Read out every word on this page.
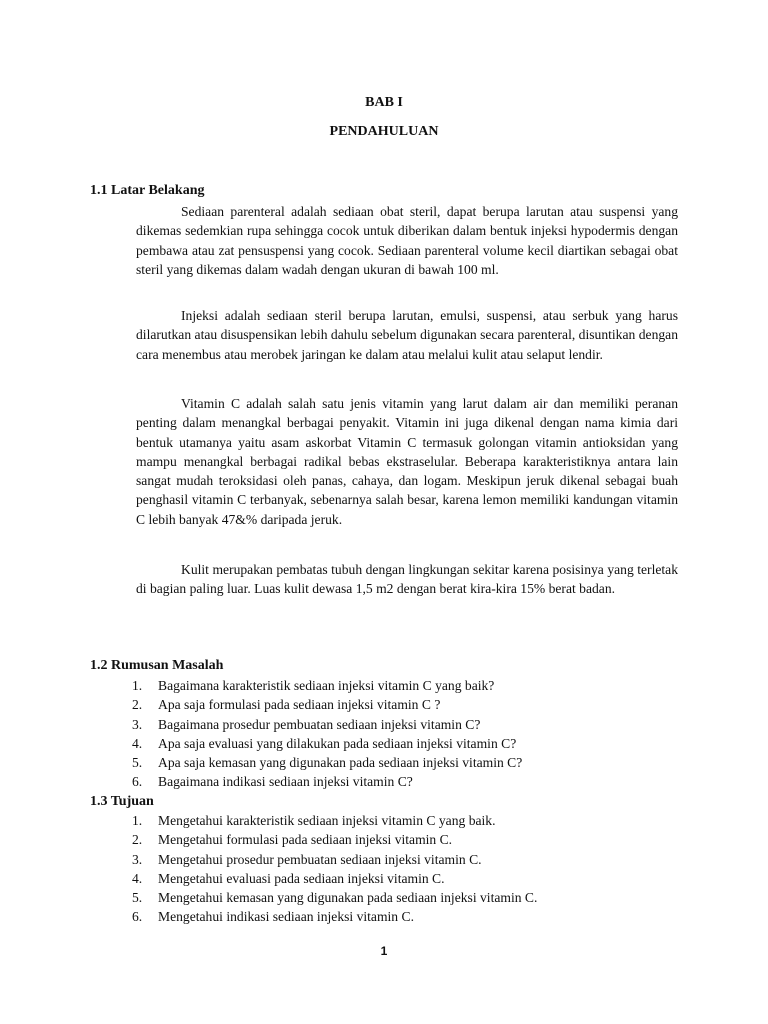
BAB I
PENDAHULUAN
1.1 Latar Belakang

Sediaan parenteral adalah sediaan obat steril, dapat berupa larutan atau suspensi yang dikemas sedemkian rupa sehingga cocok untuk diberikan dalam bentuk injeksi hypodermis dengan pembawa atau zat pensuspensi yang cocok. Sediaan parenteral volume kecil diartikan sebagai obat steril yang dikemas dalam wadah dengan ukuran di bawah 100 ml.

Injeksi adalah sediaan steril berupa larutan, emulsi, suspensi, atau serbuk yang harus dilarutkan atau disuspensikan lebih dahulu sebelum digunakan secara parenteral, disuntikan dengan cara menembus atau merobek jaringan ke dalam atau melalui kulit atau selaput lendir.

Vitamin C adalah salah satu jenis vitamin yang larut dalam air dan memiliki peranan penting dalam menangkal berbagai penyakit. Vitamin ini juga dikenal dengan nama kimia dari bentuk utamanya yaitu asam askorbat Vitamin C termasuk golongan vitamin antioksidan yang mampu menangkal berbagai radikal bebas ekstraselular. Beberapa karakteristiknya antara lain sangat mudah teroksidasi oleh panas, cahaya, dan logam. Meskipun jeruk dikenal sebagai buah penghasil vitamin C terbanyak, sebenarnya salah besar, karena lemon memiliki kandungan vitamin C lebih banyak 47&% daripada jeruk.

Kulit merupakan pembatas tubuh dengan lingkungan sekitar karena posisinya yang terletak di bagian paling luar. Luas kulit dewasa 1,5 m2 dengan berat kira-kira 15% berat badan.

1.2 Rumusan Masalah
1. Bagaimana karakteristik sediaan injeksi vitamin C yang baik?
2. Apa saja formulasi pada sediaan injeksi vitamin C ?
3. Bagaimana prosedur pembuatan sediaan injeksi vitamin C?
4. Apa saja evaluasi yang dilakukan pada sediaan injeksi vitamin C?
5. Apa saja kemasan yang digunakan pada sediaan injeksi vitamin C?
6. Bagaimana indikasi sediaan injeksi vitamin C?
1.3 Tujuan
1. Mengetahui karakteristik sediaan injeksi vitamin C yang baik.
2. Mengetahui formulasi pada sediaan injeksi vitamin C.
3. Mengetahui prosedur pembuatan sediaan injeksi vitamin C.
4. Mengetahui evaluasi pada sediaan injeksi vitamin C.
5. Mengetahui kemasan yang digunakan pada sediaan injeksi vitamin C.
6. Mengetahui indikasi sediaan injeksi vitamin C.
1
